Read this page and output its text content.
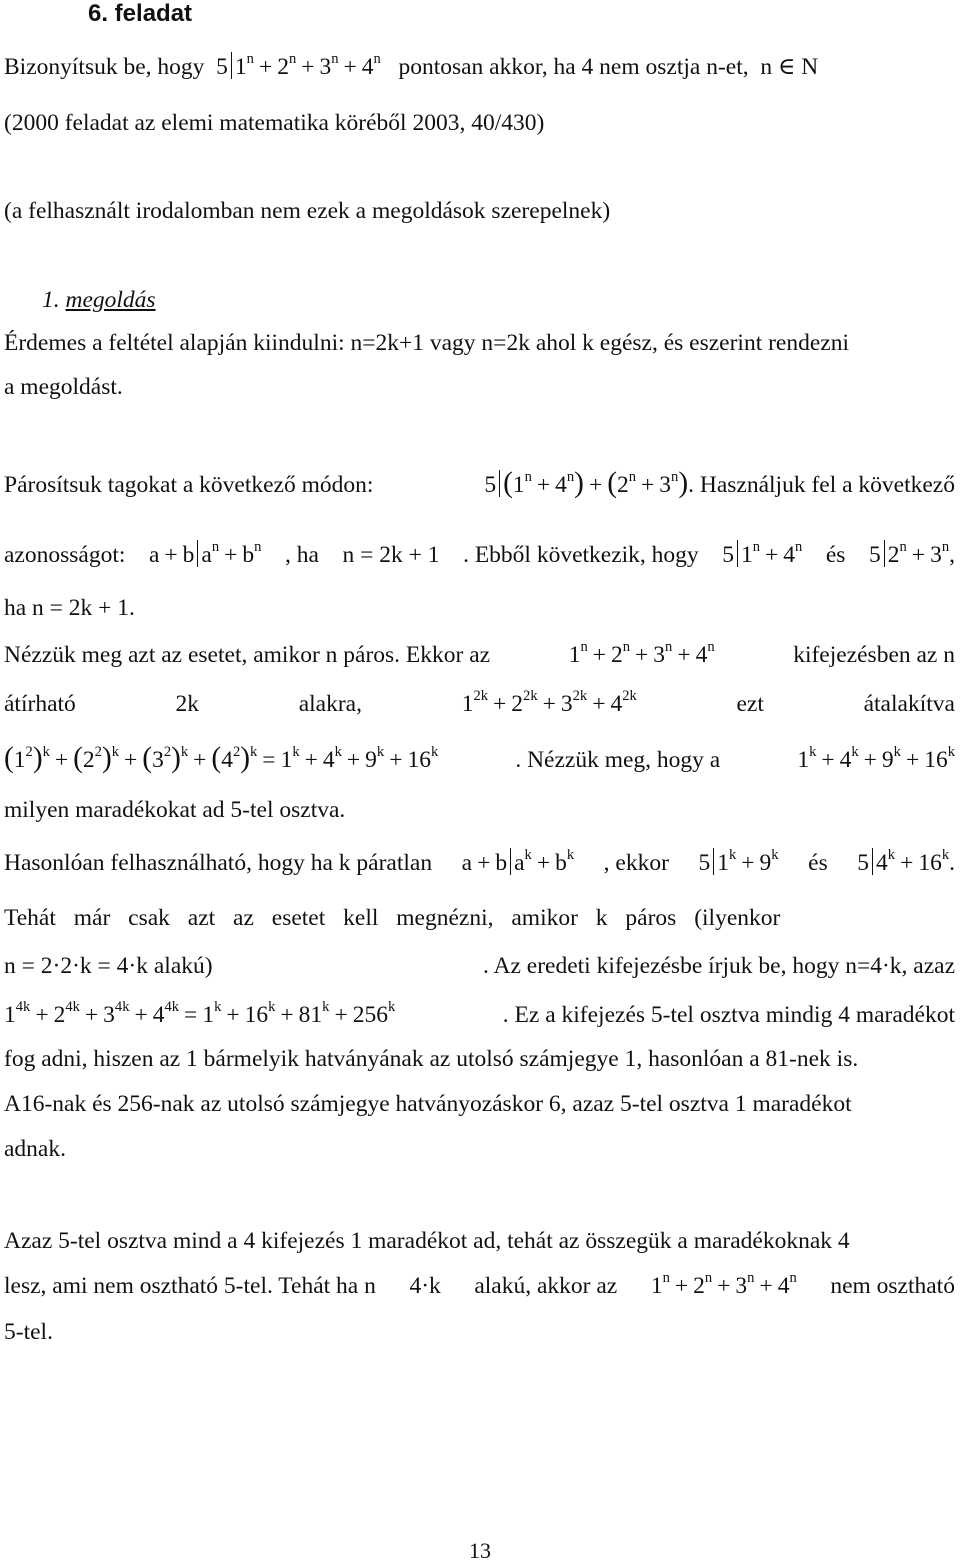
6. feladat
Bizonyítsuk be, hogy  5 $1^n + 2^n + 3^n + 4^n$ pontosan akkor, ha 4 nem osztja n-et, n ∈ N
(2000 feladat az elemi matematika köréből 2003, 40/430)
(a felhasznált irodalomban nem ezek a megoldások szerepelnek)
1. megoldás
Érdemes a feltétel alapján kiindulni: n=2k+1 vagy n=2k ahol k egész, és eszerint rendezni
a megoldást.
Párosítsuk tagokat a következő módon:	5 $(1^n + 4^n) + (2^n + 3^n)$. Használjuk fel a következő
azonosságot: a + b $a^n + b^n$ , ha n = 2k + 1 . Ebből következik, hogy 5 $1^n + 4^n$ és 5 $2^n + 3^n$,
ha n = 2k + 1.
Nézzük meg azt az esetet, amikor n páros. Ekkor az	$1^n + 2^n + 3^n + 4^n$	kifejezésben az n
átírható	2k	alakra,	$1^{2k} + 2^{2k} + 3^{2k} + 4^{2k}$	ezt	átalakítva
$(1^2)^k + (2^2)^k + (3^2)^k + (4^2)^k = 1^k + 4^k + 9^k + 16^k$	. Nézzük meg, hogy a	$1^k + 4^k + 9^k + 16^k$
milyen maradékokat ad 5-tel osztva.
Hasonlóan felhasználható, hogy ha k páratlan a + b $a^k + b^k$ , ekkor 5 $1^k + 9^k$ és 5 $4^k + 16^k$.
Tehát már csak azt az esetet kell megnézni, amikor k páros (ilyenkor
n = 2·2·k = 4·k alakú)	. Az eredeti kifejezésbe írjuk be, hogy n=4·k, azaz
$1^{4k} + 2^{4k} + 3^{4k} + 4^{4k} = 1^k + 16^k + 81^k + 256^k$	. Ez a kifejezés 5-tel osztva mindig 4 maradékot
fog adni, hiszen az 1 bármelyik hatványának az utolsó számjegye 1, hasonlóan a 81-nek is.
A16-nak és 256-nak az utolsó számjegye hatványozáskor 6, azaz 5-tel osztva 1 maradékot
adnak.
Azaz 5-tel osztva mind a 4 kifejezés 1 maradékot ad, tehát az összegük a maradékoknak 4
lesz, ami nem osztható 5-tel. Tehát ha n 4·k alakú, akkor az $1^n + 2^n + 3^n + 4^n$ nem osztható
5-tel.
13
